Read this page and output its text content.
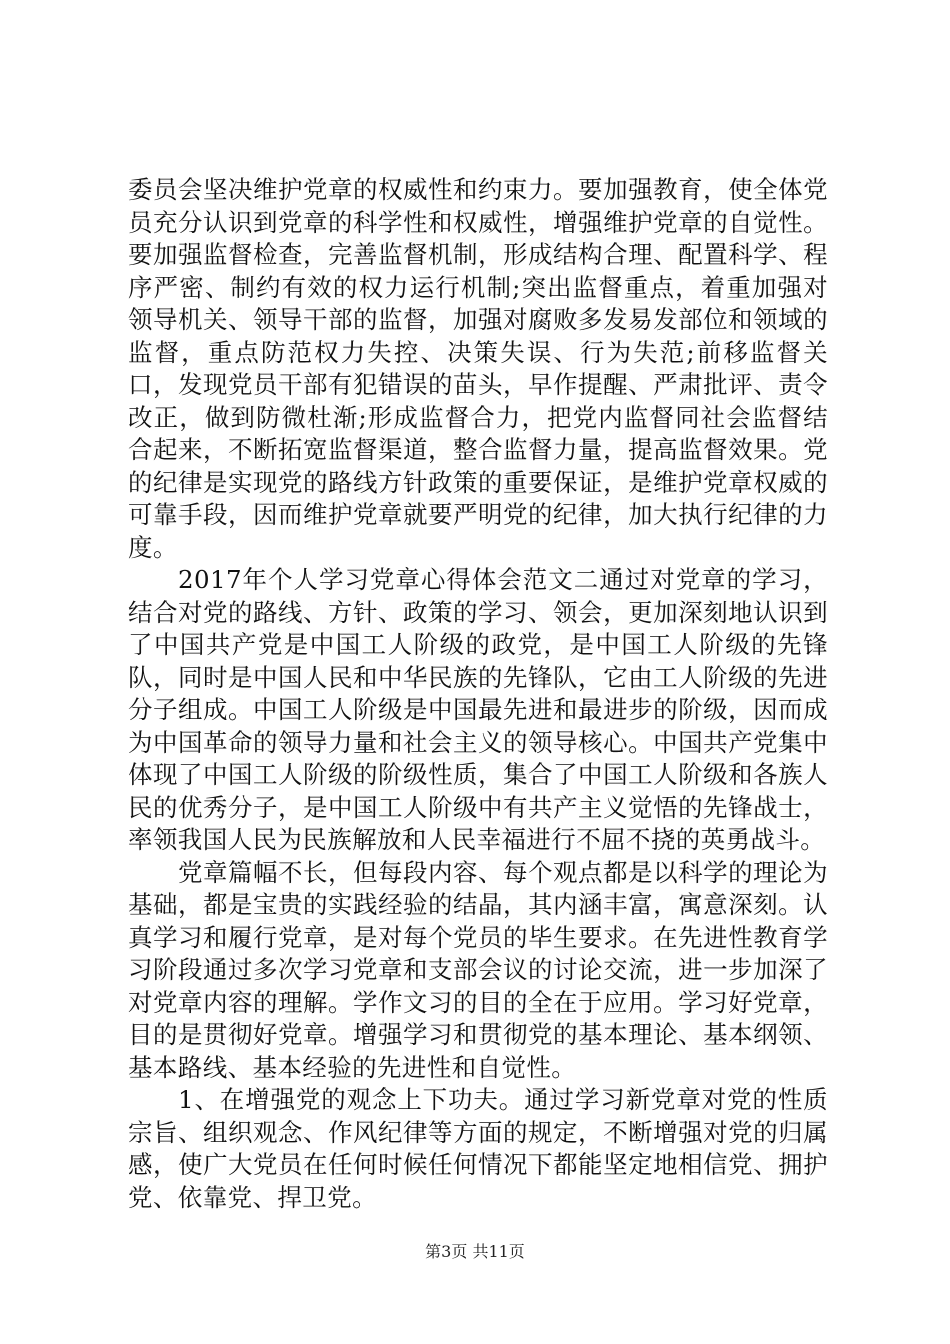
委员会坚决维护党章的权威性和约束力。要加强教育，使全体党员充分认识到党章的科学性和权威性，增强维护党章的自觉性。要加强监督检查，完善监督机制，形成结构合理、配置科学、程序严密、制约有效的权力运行机制;突出监督重点，着重加强对领导机关、领导干部的监督，加强对腐败多发易发部位和领域的监督，重点防范权力失控、决策失误、行为失范;前移监督关口，发现党员干部有犯错误的苗头，早作提醒、严肃批评、责令改正，做到防微杜渐;形成监督合力，把党内监督同社会监督结合起来，不断拓宽监督渠道，整合监督力量，提高监督效果。党的纪律是实现党的路线方针政策的重要保证，是维护党章权威的可靠手段，因而维护党章就要严明党的纪律，加大执行纪律的力度。

2017年个人学习党章心得体会范文二通过对党章的学习，结合对党的路线、方针、政策的学习、领会，更加深刻地认识到了中国共产党是中国工人阶级的政党，是中国工人阶级的先锋队，同时是中国人民和中华民族的先锋队，它由工人阶级的先进分子组成。中国工人阶级是中国最先进和最进步的阶级，因而成为中国革命的领导力量和社会主义的领导核心。中国共产党集中体现了中国工人阶级的阶级性质，集合了中国工人阶级和各族人民的优秀分子，是中国工人阶级中有共产主义觉悟的先锋战士，率领我国人民为民族解放和人民幸福进行不屈不挠的英勇战斗。

党章篇幅不长，但每段内容、每个观点都是以科学的理论为基础，都是宝贵的实践经验的结晶，其内涵丰富，寓意深刻。认真学习和履行党章，是对每个党员的毕生要求。在先进性教育学习阶段通过多次学习党章和支部会议的讨论交流，进一步加深了对党章内容的理解。学作文习的目的全在于应用。学习好党章，目的是贯彻好党章。增强学习和贯彻党的基本理论、基本纲领、基本路线、基本经验的先进性和自觉性。

1、在增强党的观念上下功夫。通过学习新党章对党的性质宗旨、组织观念、作风纪律等方面的规定，不断增强对党的归属感，使广大党员在任何时候任何情况下都能坚定地相信党、拥护党、依靠党、捍卫党。

第3页 共11页
